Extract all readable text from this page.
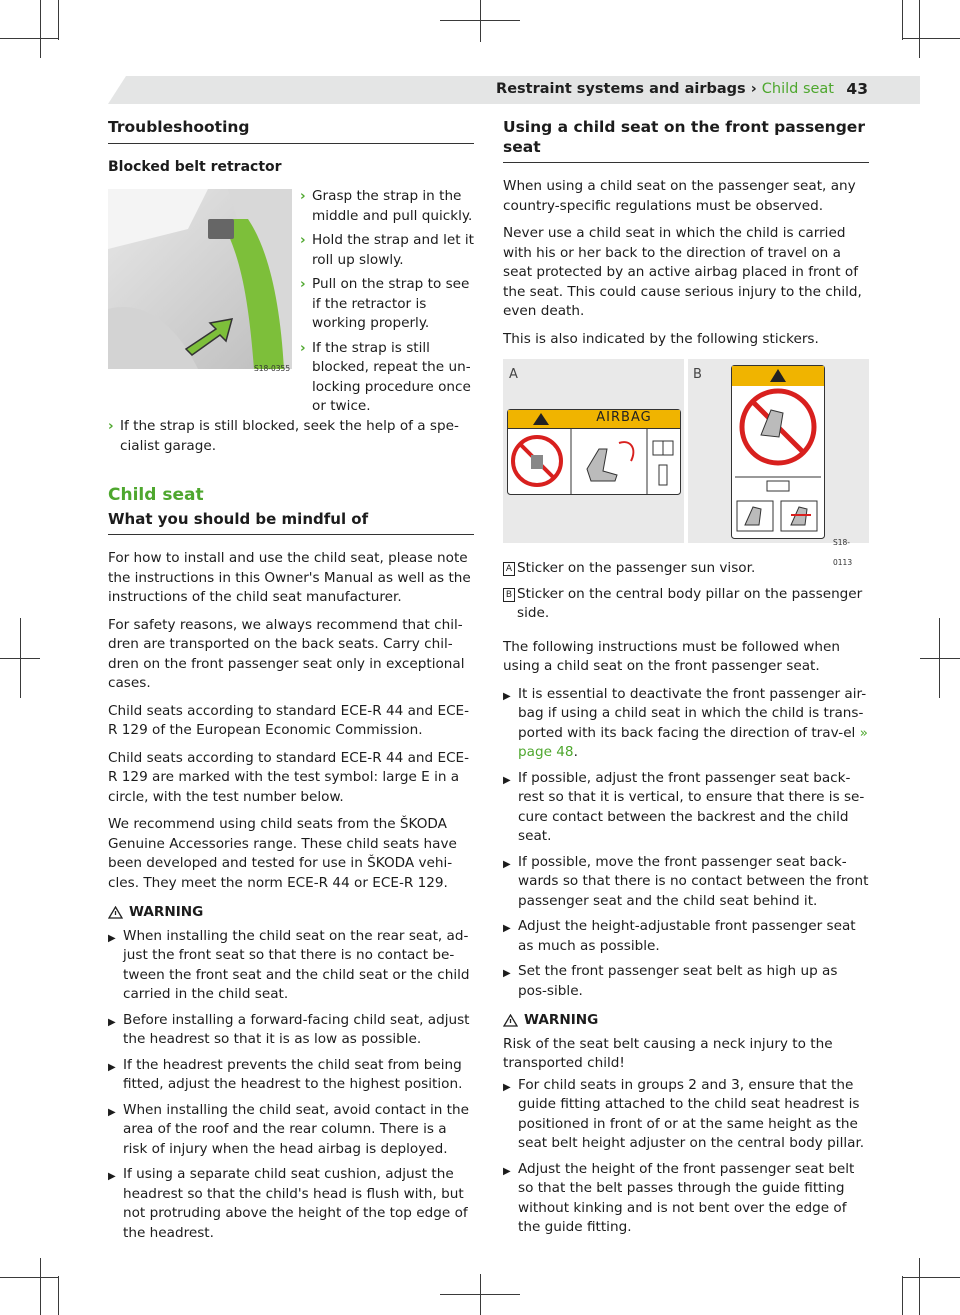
Restraint systems and airbags › Child seat 43
Troubleshooting
Blocked belt retractor
S18-0355
› Grasp the strap in the middle and pull quickly.
› Hold the strap and let it roll up slowly.
› Pull on the strap to see if the retractor is working properly.
› If the strap is still blocked, repeat the un-locking procedure once or twice.
› If the strap is still blocked, seek the help of a spe-cialist garage.
Child seat
What you should be mindful of

For how to install and use the child seat, please note the instructions in this Owner's Manual as well as the instructions of the child seat manufacturer.

For safety reasons, we always recommend that chil-dren are transported on the back seats. Carry chil-dren on the front passenger seat only in exceptional cases.

Child seats according to standard ECE-R 44 and ECE-R 129 of the European Economic Commission.

Child seats according to standard ECE-R 44 and ECE-R 129 are marked with the test symbol: large E in a circle, with the test number below.

We recommend using child seats from the ŠKODA Genuine Accessories range. These child seats have been developed and tested for use in ŠKODA vehi-cles. They meet the norm ECE-R 44 or ECE-R 129.

WARNING
▶ When installing the child seat on the rear seat, ad-just the front seat so that there is no contact be-tween the front seat and the child seat or the child carried in the child seat.
▶ Before installing a forward-facing child seat, adjust the headrest so that it is as low as possible.
▶ If the headrest prevents the child seat from being fitted, adjust the headrest to the highest position.
▶ When installing the child seat, avoid contact in the area of the roof and the rear column. There is a risk of injury when the head airbag is deployed.
▶ If using a separate child seat cushion, adjust the headrest so that the child's head is flush with, but not protruding above the height of the top edge of the headrest.
Using a child seat on the front passenger seat

When using a child seat on the passenger seat, any country-specific regulations must be observed.

Never use a child seat in which the child is carried with his or her back to the direction of travel on a seat protected by an active airbag placed in front of the seat. This could cause serious injury to the child, even death.

This is also indicated by the following stickers.

A
AIRBAG
B
S18-0113
A Sticker on the passenger sun visor.
B Sticker on the central body pillar on the passenger side.

The following instructions must be followed when using a child seat on the front passenger seat.

▶ It is essential to deactivate the front passenger air-bag if using a child seat in which the child is trans-ported with its back facing the direction of trav-el » page 48.
▶ If possible, adjust the front passenger seat back-rest so that it is vertical, to ensure that there is se-cure contact between the backrest and the child seat.
▶ If possible, move the front passenger seat back-wards so that there is no contact between the front passenger seat and the child seat behind it.
▶ Adjust the height-adjustable front passenger seat as much as possible.
▶ Set the front passenger seat belt as high up as pos-sible.
WARNING

Risk of the seat belt causing a neck injury to the transported child!

▶ For child seats in groups 2 and 3, ensure that the guide fitting attached to the child seat headrest is positioned in front of or at the same height as the seat belt height adjuster on the central body pillar.
▶ Adjust the height of the front passenger seat belt so that the belt passes through the guide fitting without kinking and is not bent over the edge of the guide fitting.
